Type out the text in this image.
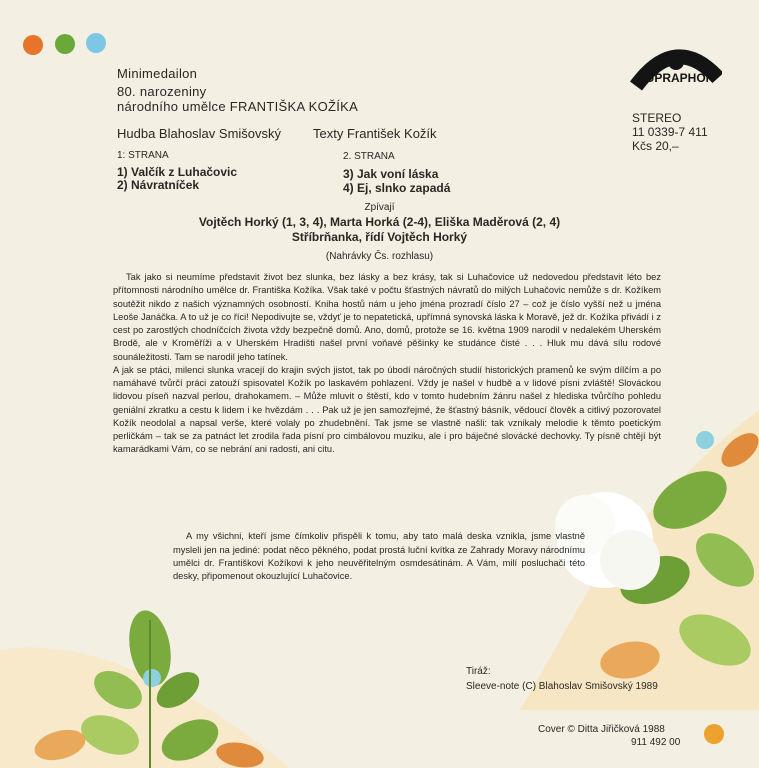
SUPRAPHON
Minimedailon
80. narozeniny
národního umělce FRANTIŠKA KOŽÍKA
STEREO
11 0339-7 411
Kčs 20,–
Hudba Blahoslav Smišovský Texty František Kožík
1: STRANA
1) Valčík z Luhačovic
2) Návratníček
2. STRANA
3) Jak voní láska
4) Ej, slnko zapadá
Zpívají
Vojtěch Horký (1, 3, 4), Marta Horká (2-4), Eliška Maděrová (2, 4)
Stříbrňanka, řídí Vojtěch Horký
(Nahrávky Čs. rozhlasu)

Tak jako si neumíme představit život bez slunka, bez lásky a bez krásy, tak si Luhačovice už nedovedou představit léto bez přítomnosti národního umělce dr. Františka Kožíka. Však také v počtu šťastných návratů do milých Luhačovic nemůže s dr. Kožíkem soutěžit nikdo z našich významných osobností. Kniha hostů nám u jeho jména prozradí číslo 27 – což je číslo vyšší než u jména Leoše Janáčka. A to už je co říci! Nepodivujte se, vždyť je to nepatetická, upřímná synovská láska k Moravě, jež dr. Kožíka přivádí i z cest po zarostlých chodníčcích života vždy bezpečně domů. Ano, domů, protože se 16. května 1909 narodil v nedalekém Uherském Brodě, ale v Kroměříži a v Uherském Hradišti našel první voňavé pěšinky ke studánce čisté . . . Hluk mu dává sílu rodové sounáležitosti. Tam se narodil jeho tatínek.

A jak se ptáci, milenci slunka vracejí do krajin svých jistot, tak po úbodí náročných studií historických pramenů ke svým dílčím a po namáhavé tvůrčí práci zatouží spisovatel Kožík po laskavém pohlazení. Vždy je našel v hudbě a v lidové písni zvláště! Slováckou lidovou píseň nazval perlou, drahokamem. – Může mluvit o štěstí, kdo v tomto hudebním žánru našel z hlediska tvůrčího pohledu geniální zkratku a cestu k lidem i ke hvězdám . . . Pak už je jen samozřejmé, že šťastný básník, vědoucí člověk a citlivý pozorovatel Kožík neodolal a napsal verše, které volaly po zhudebnění. Tak jsme se vlastně našli: tak vznikaly melodie k těmto poetickým perličkám – tak se za patnáct let zrodila řada písní pro cimbálovou muziku, ale i pro báječné slovácké dechovky. Ty písně chtějí být kamarádkami Vám, co se nebrání ani radosti, ani citu.

A my všichni, kteří jsme čímkoliv přispěli k tomu, aby tato malá deska vznikla, jsme vlastně mysleli jen na jediné: podat něco pěkného, podat prostá luční kvítka ze Zahrady Moravy národnímu umělci dr. Františkovi Kožíkovi k jeho neuvěřitelným osmdesátinám. A Vám, milí posluchači této desky, připomenout okouzlující Luhačovice.

Tiráž:
Sleeve-note (C) Blahoslav Smišovský 1989
Cover © Ditta Jiřičková 1988
911 492 00
